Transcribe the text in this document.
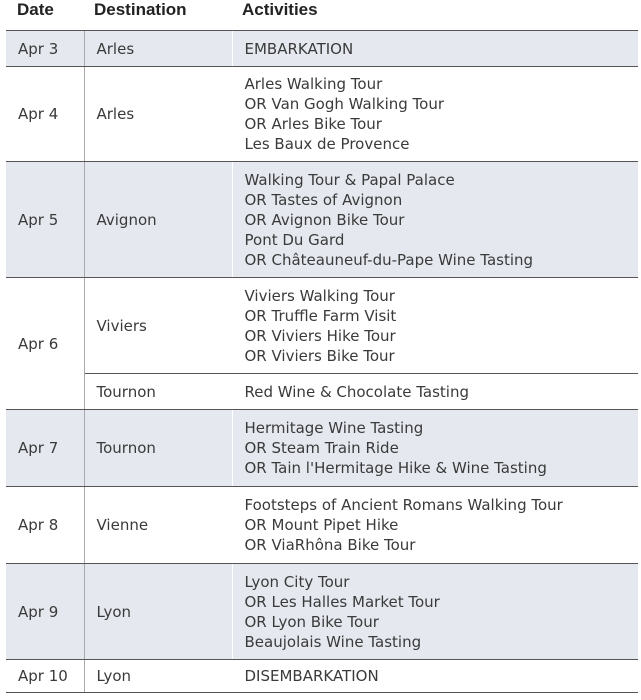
Date	Destination	Activities
Apr 3	Arles	EMBARKATION

Apr 4	Arles	Arles Walking Tour
OR Van Gogh Walking Tour
OR Arles Bike Tour
Les Baux de Provence

Apr 5	Avignon	Walking Tour & Papal Palace
OR Tastes of Avignon
OR Avignon Bike Tour
Pont Du Gard
OR Châteauneuf-du-Pape Wine Tasting

Apr 6	Viviers	Viviers Walking Tour
OR Truffle Farm Visit
OR Viviers Hike Tour
OR Viviers Bike Tour

	Tournon	Red Wine & Chocolate Tasting

Apr 7	Tournon	Hermitage Wine Tasting
OR Steam Train Ride
OR Tain l'Hermitage Hike & Wine Tasting

Apr 8	Vienne	Footsteps of Ancient Romans Walking Tour
OR Mount Pipet Hike
OR ViaRhôna Bike Tour

Apr 9	Lyon	Lyon City Tour
OR Les Halles Market Tour
OR Lyon Bike Tour
Beaujolais Wine Tasting

Apr 10	Lyon	DISEMBARKATION
